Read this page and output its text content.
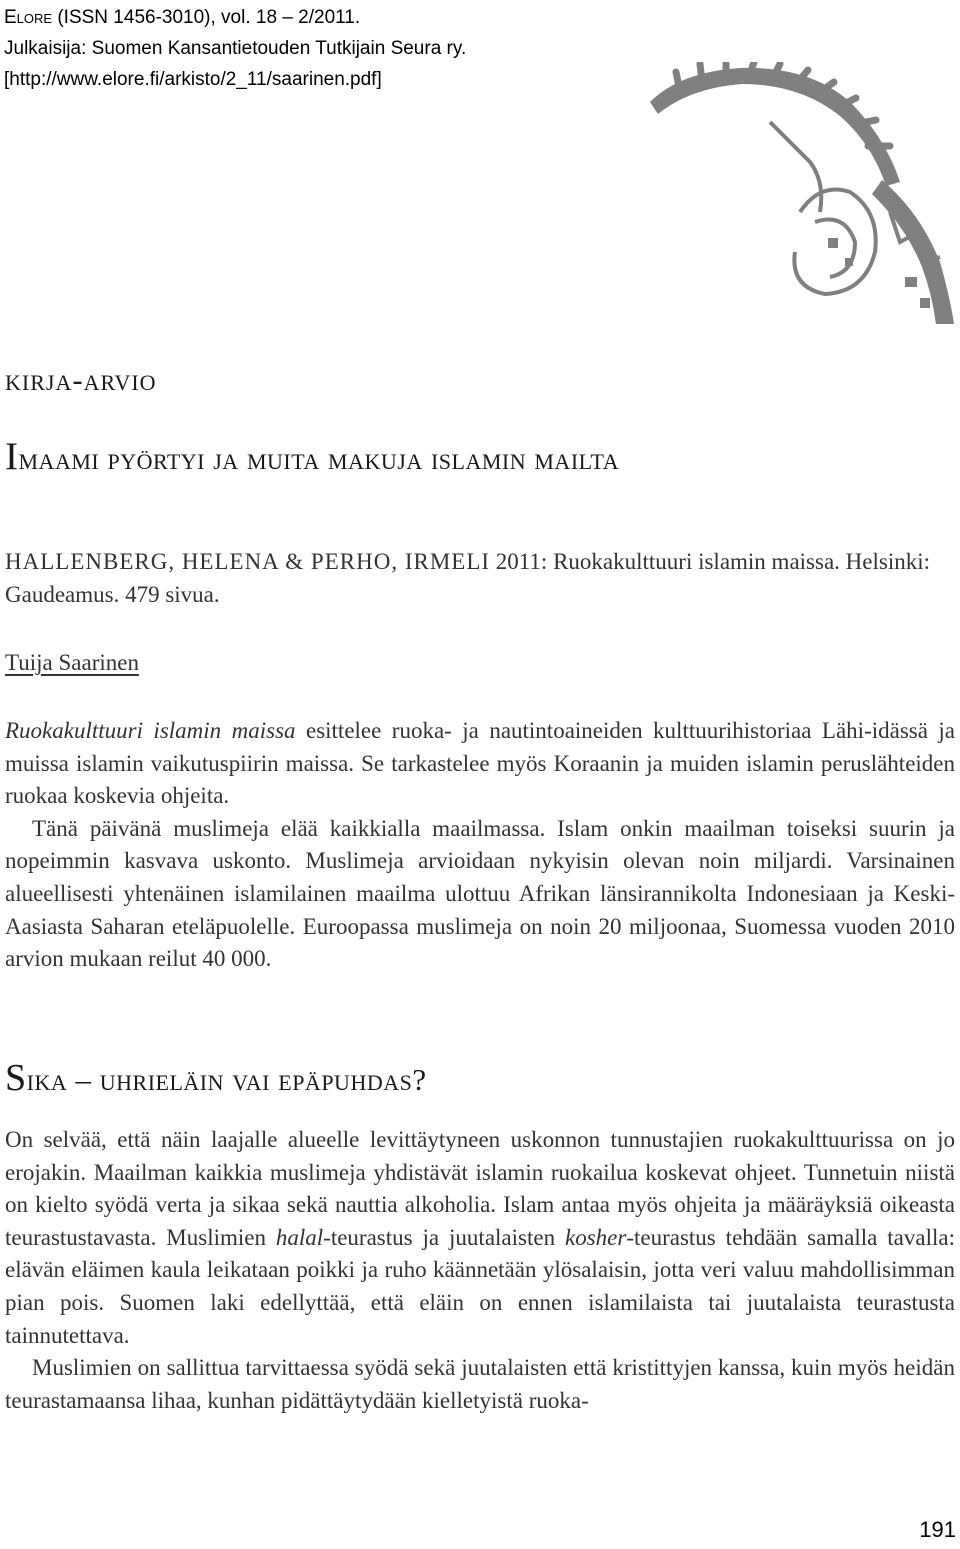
Elore (ISSN 1456-3010), vol. 18 – 2/2011.
Julkaisija: Suomen Kansantietouden Tutkijain Seura ry.
[http://www.elore.fi/arkisto/2_11/saarinen.pdf]
kirja-arvio
Imaami pyörtyi ja muita makuja islamin mailta
HALLENBERG, HELENA & PERHO, IRMELI 2011: Ruokakulttuuri islamin maissa. Helsinki: Gaudeamus. 479 sivua.
Tuija Saarinen

Ruokakulttuuri islamin maissa esittelee ruoka- ja nautintoaineiden kulttuurihistoriaa Lähi-idässä ja muissa islamin vaikutuspiirin maissa. Se tarkastelee myös Koraanin ja muiden islamin peruslähteiden ruokaa koskevia ohjeita.

Tänä päivänä muslimeja elää kaikkialla maailmassa. Islam onkin maailman toiseksi suurin ja nopeimmin kasvava uskonto. Muslimeja arvioidaan nykyisin olevan noin miljardi. Varsinainen alueellisesti yhtenäinen islamilainen maailma ulottuu Afrikan länsirannikolta Indonesiaan ja Keski-Aasiasta Saharan eteläpuolelle. Euroopassa muslimeja on noin 20 miljoonaa, Suomessa vuoden 2010 arvion mukaan reilut 40 000.

Sika – uhrieläin vai epäpuhdas?

On selvää, että näin laajalle alueelle levittäytyneen uskonnon tunnustajien ruokakulttuurissa on jo erojakin. Maailman kaikkia muslimeja yhdistävät islamin ruokailua koskevat ohjeet. Tunnetuin niistä on kielto syödä verta ja sikaa sekä nauttia alkoholia. Islam antaa myös ohjeita ja määräyksiä oikeasta teurastustavasta. Muslimien halal-teurastus ja juutalaisten kosher-teurastus tehdään samalla tavalla: elävän eläimen kaula leikataan poikki ja ruho käännetään ylösalaisin, jotta veri valuu mahdollisimman pian pois. Suomen laki edellyttää, että eläin on ennen islamilaista tai juutalaista teurastusta tainnutettava.

Muslimien on sallittua tarvittaessa syödä sekä juutalaisten että kristittyjen kanssa, kuin myös heidän teurastamaansa lihaa, kunhan pidättäytydään kielletyistä ruoka-

191
